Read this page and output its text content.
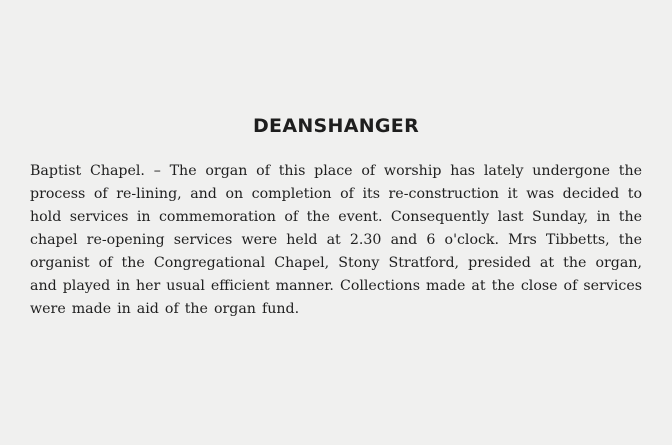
DEANSHANGER

Baptist Chapel. – The organ of this place of worship has lately undergone the process of re-lining, and on completion of its re-construction it was decided to hold services in commemoration of the event. Consequently last Sunday, in the chapel re-opening services were held at 2.30 and 6 o'clock. Mrs Tibbetts, the organist of the Congregational Chapel, Stony Stratford, presided at the organ, and played in her usual efficient manner. Collections made at the close of services were made in aid of the organ fund.
